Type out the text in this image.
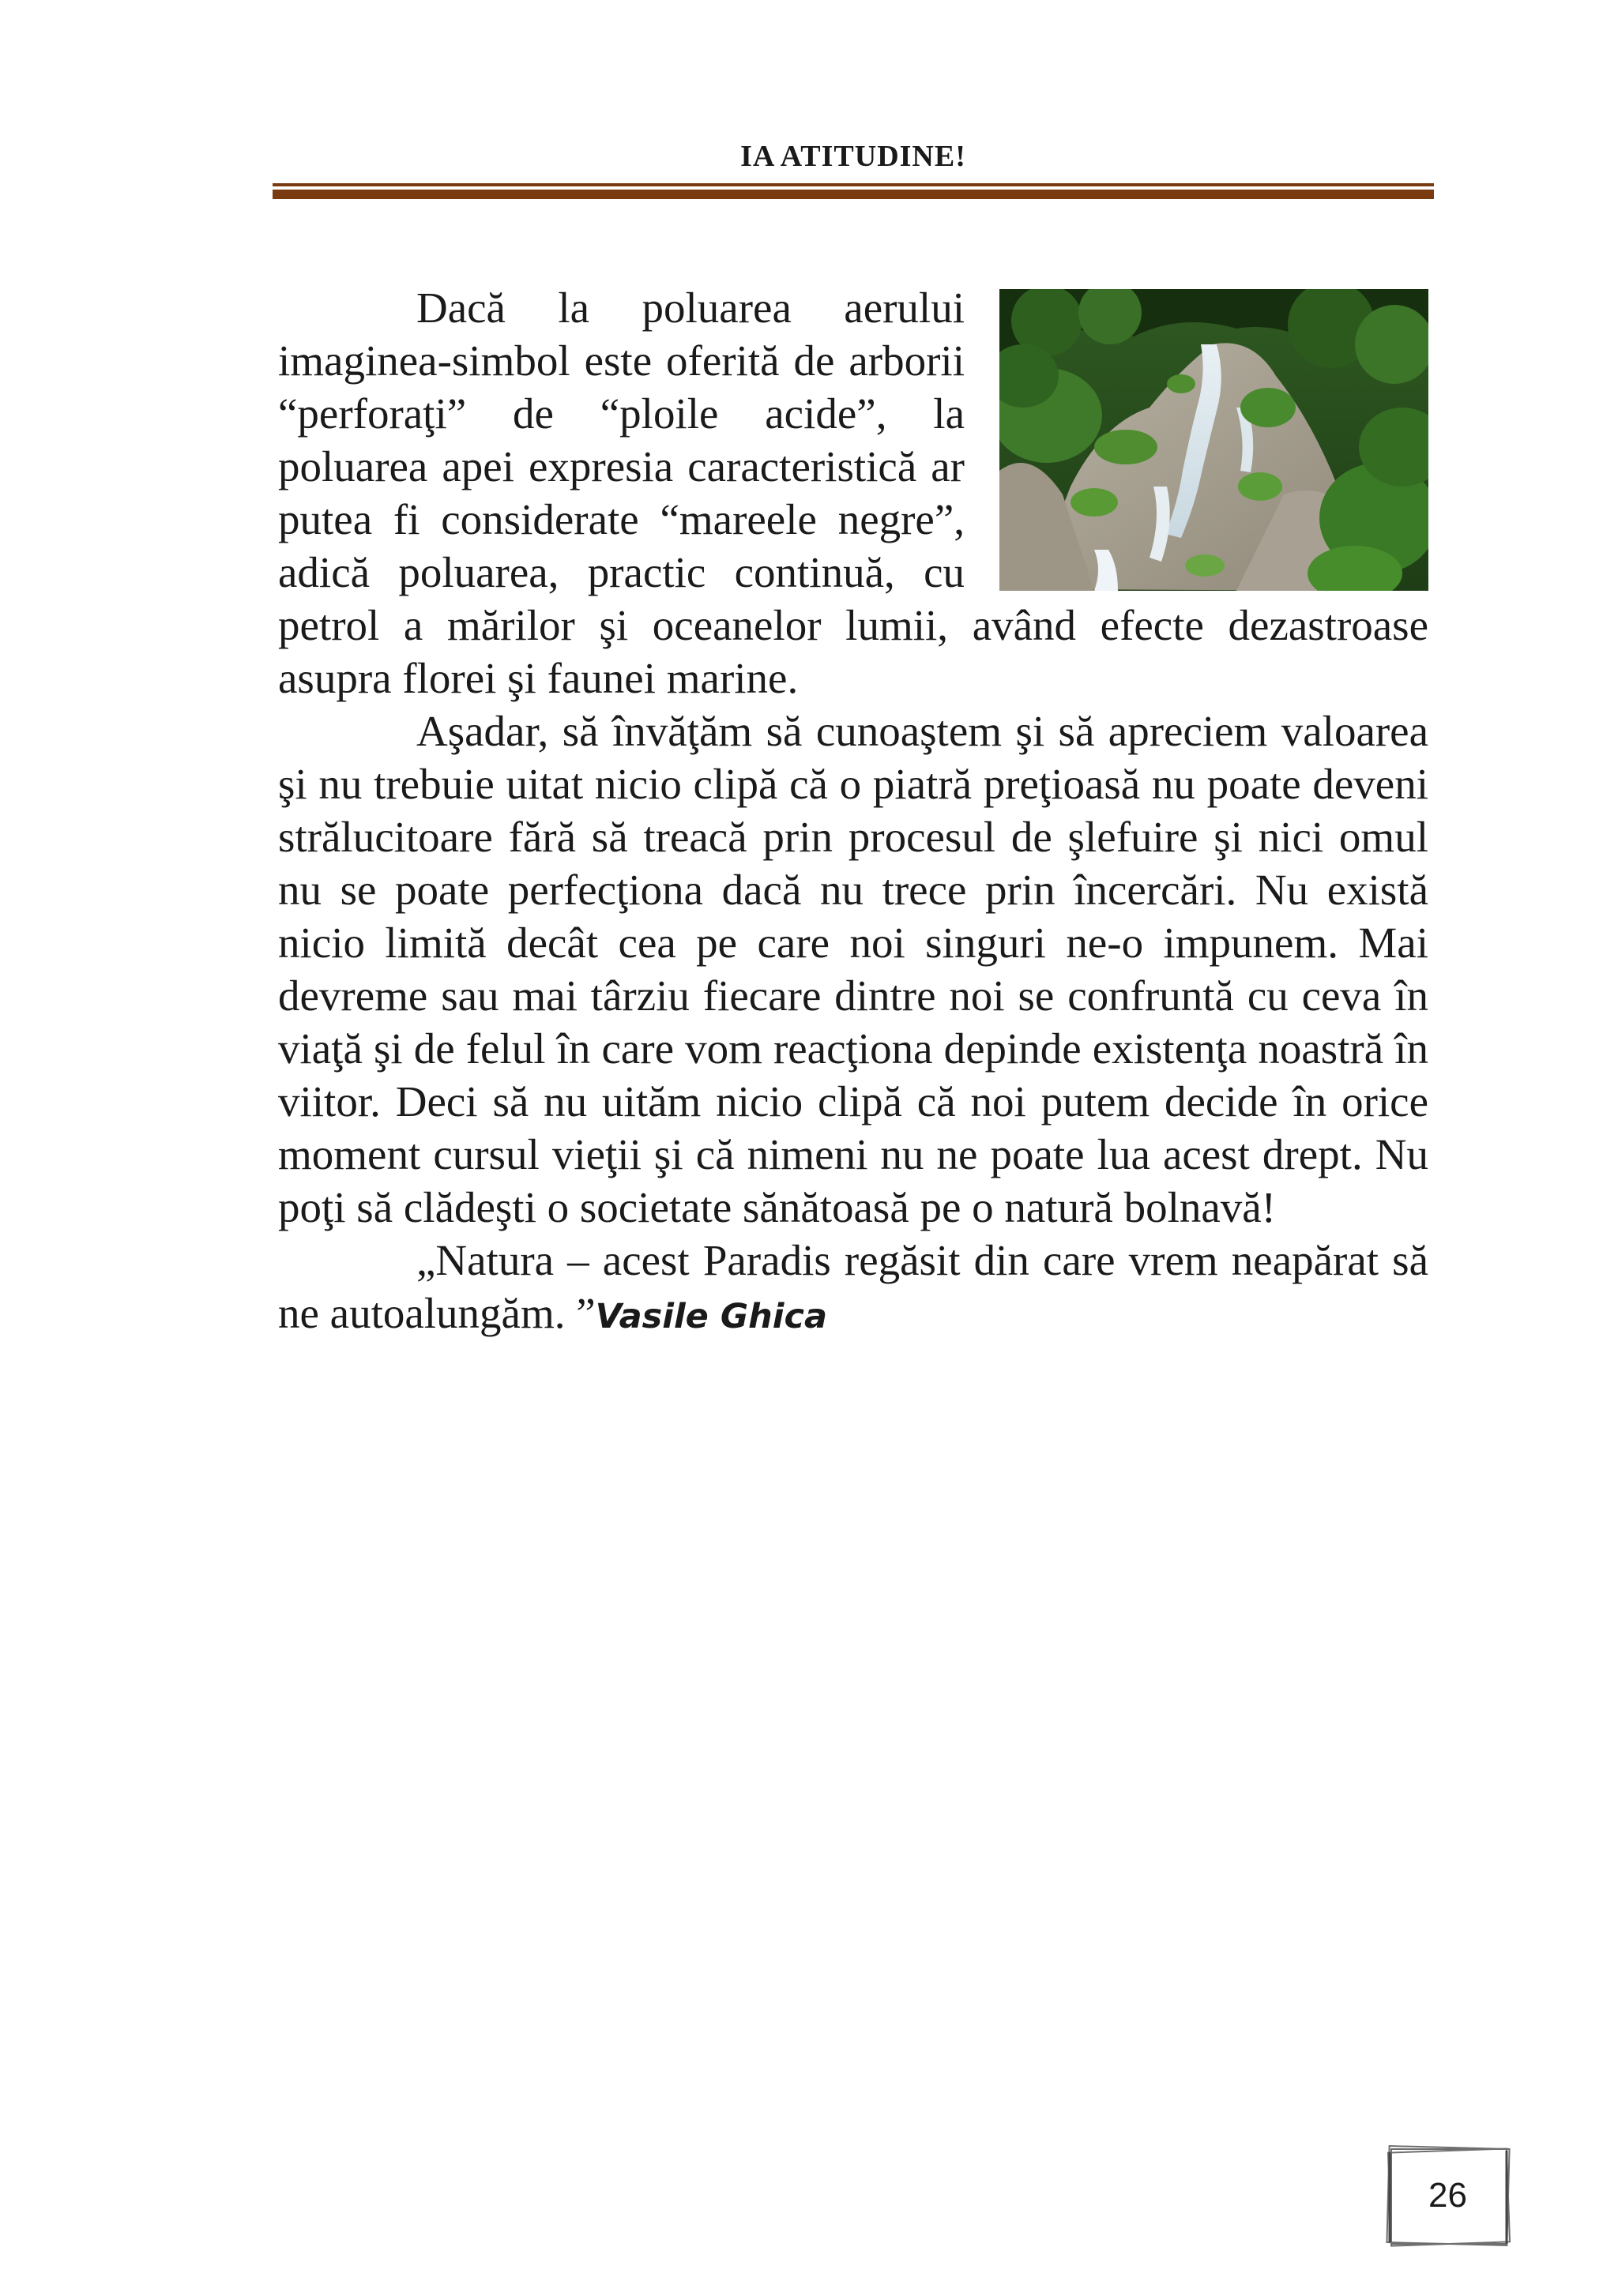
IA ATITUDINE!

Dacă la poluarea aerului imaginea-simbol este oferită de arborii “perforaţi” de “ploile acide”, la poluarea apei expresia caracteristică ar putea fi considerate “mareele negre”, adică poluarea, practic continuă, cu petrol a mărilor şi oceanelor lumii, având efecte dezastroase asupra florei şi faunei marine.

Aşadar, să învăţăm să cunoaştem şi să apreciem valoarea şi nu trebuie uitat nicio clipă că o piatră preţioasă nu poate deveni strălucitoare fără să treacă prin procesul de şlefuire şi nici omul nu se poate perfecţiona dacă nu trece prin încercări. Nu există nicio limită decât cea pe care noi singuri ne-o impunem. Mai devreme sau mai târziu fiecare dintre noi se confruntă cu ceva în viaţă şi de felul în care vom reacţiona depinde existenţa noastră în viitor. Deci să nu uităm nicio clipă că noi putem decide în orice moment cursul vieţii şi că nimeni nu ne poate lua acest drept. Nu poţi să clădeşti o societate sănătoasă pe o natură bolnavă!

„Natura – acest Paradis regăsit din care vrem neapărat să ne autoalungăm. ”Vasile Ghica

26
